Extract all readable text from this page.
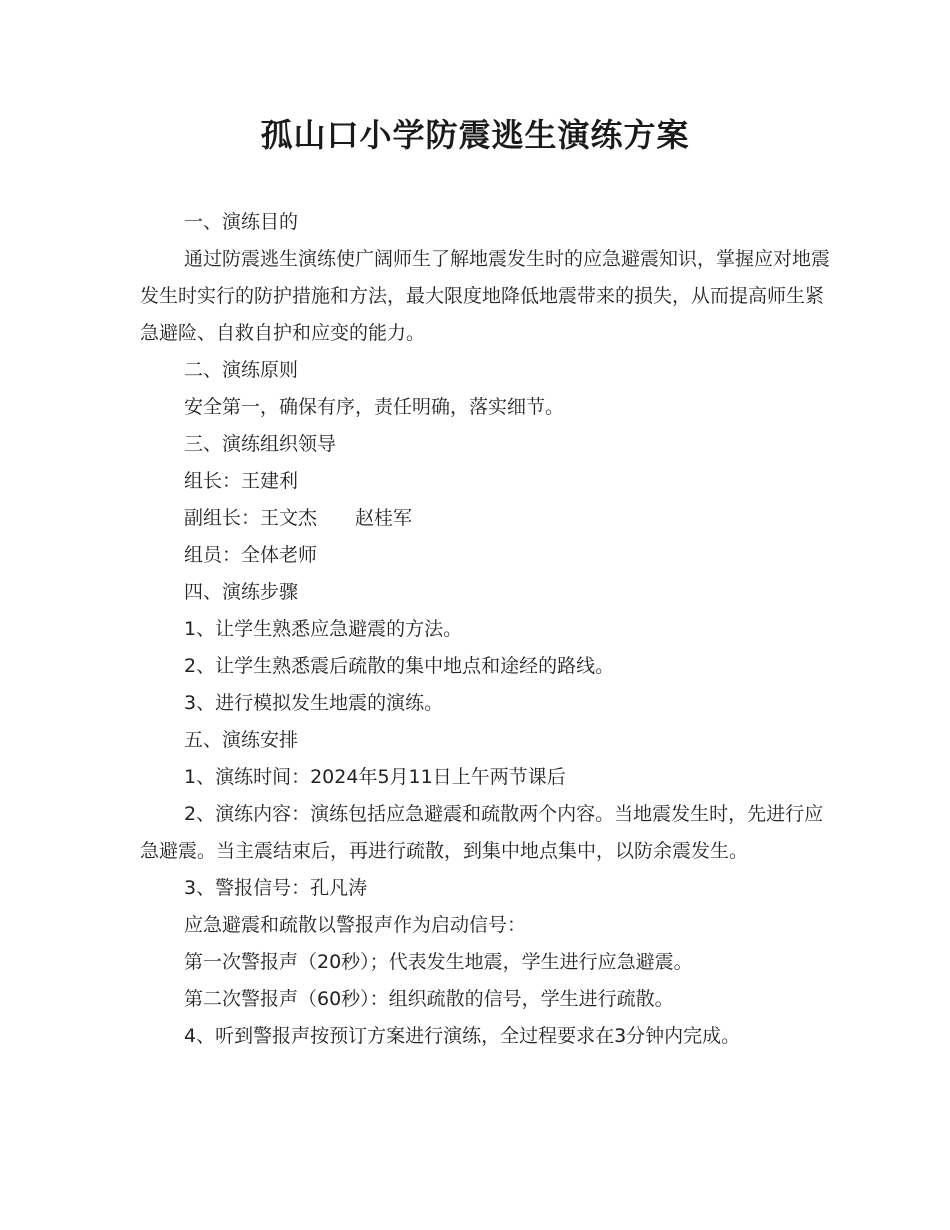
孤山口小学防震逃生演练方案

一、演练目的

通过防震逃生演练使广阔师生了解地震发生时的应急避震知识，掌握应对地震发生时实行的防护措施和方法，最大限度地降低地震带来的损失，从而提高师生紧急避险、自救自护和应变的能力。

二、演练原则

安全第一，确保有序，责任明确，落实细节。

三、演练组织领导

组长：王建利

副组长：王文杰　　赵桂军

组员：全体老师

四、演练步骤

1、让学生熟悉应急避震的方法。

2、让学生熟悉震后疏散的集中地点和途经的路线。

3、进行模拟发生地震的演练。

五、演练安排

1、演练时间：2024年5月11日上午两节课后

2、演练内容：演练包括应急避震和疏散两个内容。当地震发生时，先进行应急避震。当主震结束后，再进行疏散，到集中地点集中，以防余震发生。

3、警报信号：孔凡涛

应急避震和疏散以警报声作为启动信号：

第一次警报声（20秒）；代表发生地震，学生进行应急避震。

第二次警报声（60秒）：组织疏散的信号，学生进行疏散。

4、听到警报声按预订方案进行演练，全过程要求在3分钟内完成。
